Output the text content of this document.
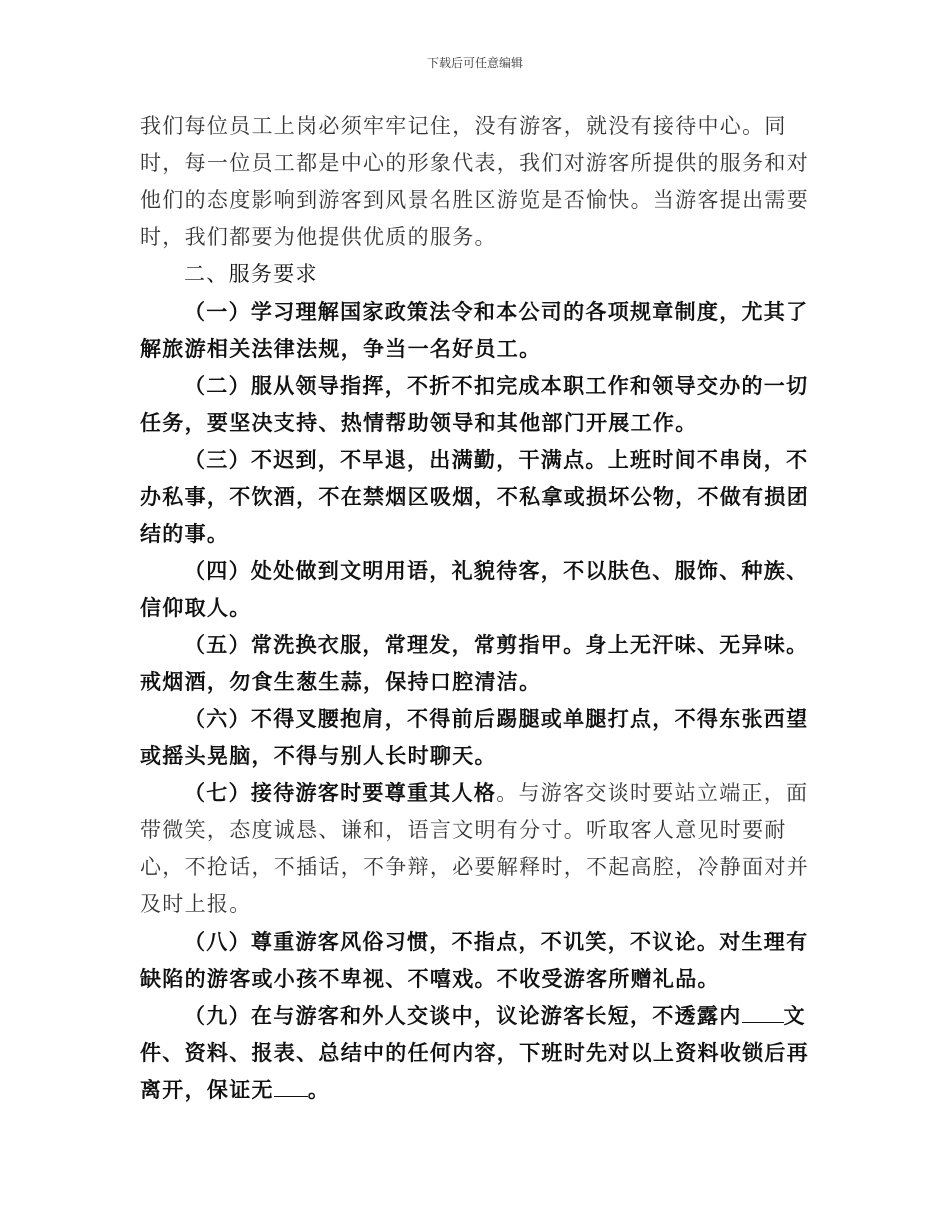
下载后可任意编辑

我们每位员工上岗必须牢牢记住，没有游客，就没有接待中心。同时，每一位员工都是中心的形象代表，我们对游客所提供的服务和对他们的态度影响到游客到风景名胜区游览是否愉快。当游客提出需要时，我们都要为他提供优质的服务。

二、服务要求

（一）学习理解国家政策法令和本公司的各项规章制度，尤其了解旅游相关法律法规，争当一名好员工。

（二）服从领导指挥，不折不扣完成本职工作和领导交办的一切任务，要坚决支持、热情帮助领导和其他部门开展工作。

（三）不迟到，不早退，出满勤，干满点。上班时间不串岗，不办私事，不饮酒，不在禁烟区吸烟，不私拿或损坏公物，不做有损团结的事。

（四）处处做到文明用语，礼貌待客，不以肤色、服饰、种族、信仰取人。

（五）常洗换衣服，常理发，常剪指甲。身上无汗味、无异味。戒烟酒，勿食生葱生蒜，保持口腔清洁。

（六）不得叉腰抱肩，不得前后踢腿或单腿打点，不得东张西望或摇头晃脑，不得与别人长时聊天。

（七）接待游客时要尊重其人格。与游客交谈时要站立端正，面带微笑，态度诚恳、谦和，语言文明有分寸。听取客人意见时要耐心，不抢话，不插话，不争辩，必要解释时，不起高腔，冷静面对并及时上报。

（八）尊重游客风俗习惯，不指点，不讥笑，不议论。对生理有缺陷的游客或小孩不卑视、不嘻戏。不收受游客所赠礼品。

（九）在与游客和外人交谈中，议论游客长短，不透露内 文件、资料、报表、总结中的任何内容，下班时先对以上资料收锁后再离开，保证无 。
